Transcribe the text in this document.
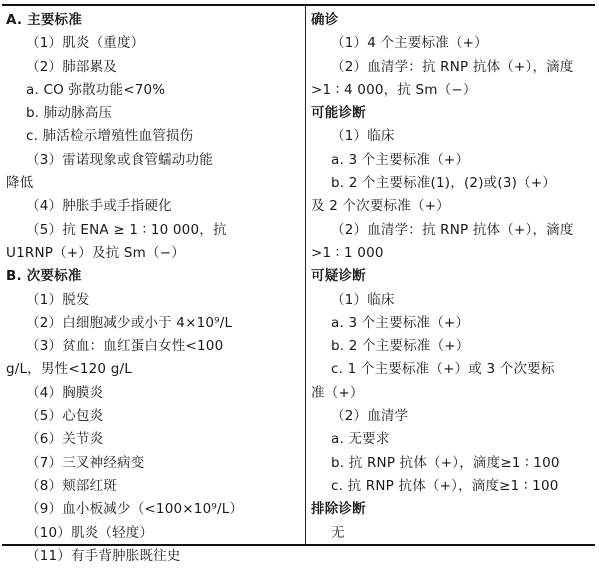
A. 主要标准
（1）肌炎（重度）
（2）肺部累及
a. CO 弥散功能<70%
b. 肺动脉高压
c. 肺活检示增殖性血管损伤
（3）雷诺现象或食管蠕动功能
降低
（4）肿胀手或手指硬化
（5）抗 ENA ≥ 1 ∶ 10 000，抗
U1RNP（+）及抗 Sm（−）
B. 次要标准
（1）脱发
（2）白细胞减少或小于 4×10⁹/L
（3）贫血：血红蛋白女性<100
g/L，男性<120 g/L
（4）胸膜炎
（5）心包炎
（6）关节炎
（7）三叉神经病变
（8）颊部红斑
（9）血小板减少（<100×10⁹/L）
（10）肌炎（轻度）
（11）有手背肿胀既往史
确诊
（1）4 个主要标准（+）
（2）血清学：抗 RNP 抗体（+），滴度
>1 ∶ 4 000，抗 Sm（−）
可能诊断
（1）临床
a. 3 个主要标准（+）
b. 2 个主要标准(1)，(2)或(3)（+）
及 2 个次要标准（+）
（2）血清学：抗 RNP 抗体（+），滴度
>1 ∶ 1 000
可疑诊断
（1）临床
a. 3 个主要标准（+）
b. 2 个主要标准（+）
c. 1 个主要标准（+）或 3 个次要标
准（+）
（2）血清学
a. 无要求
b. 抗 RNP 抗体（+），滴度≥1 ∶ 100
c. 抗 RNP 抗体（+），滴度≥1 ∶ 100
排除诊断
无
